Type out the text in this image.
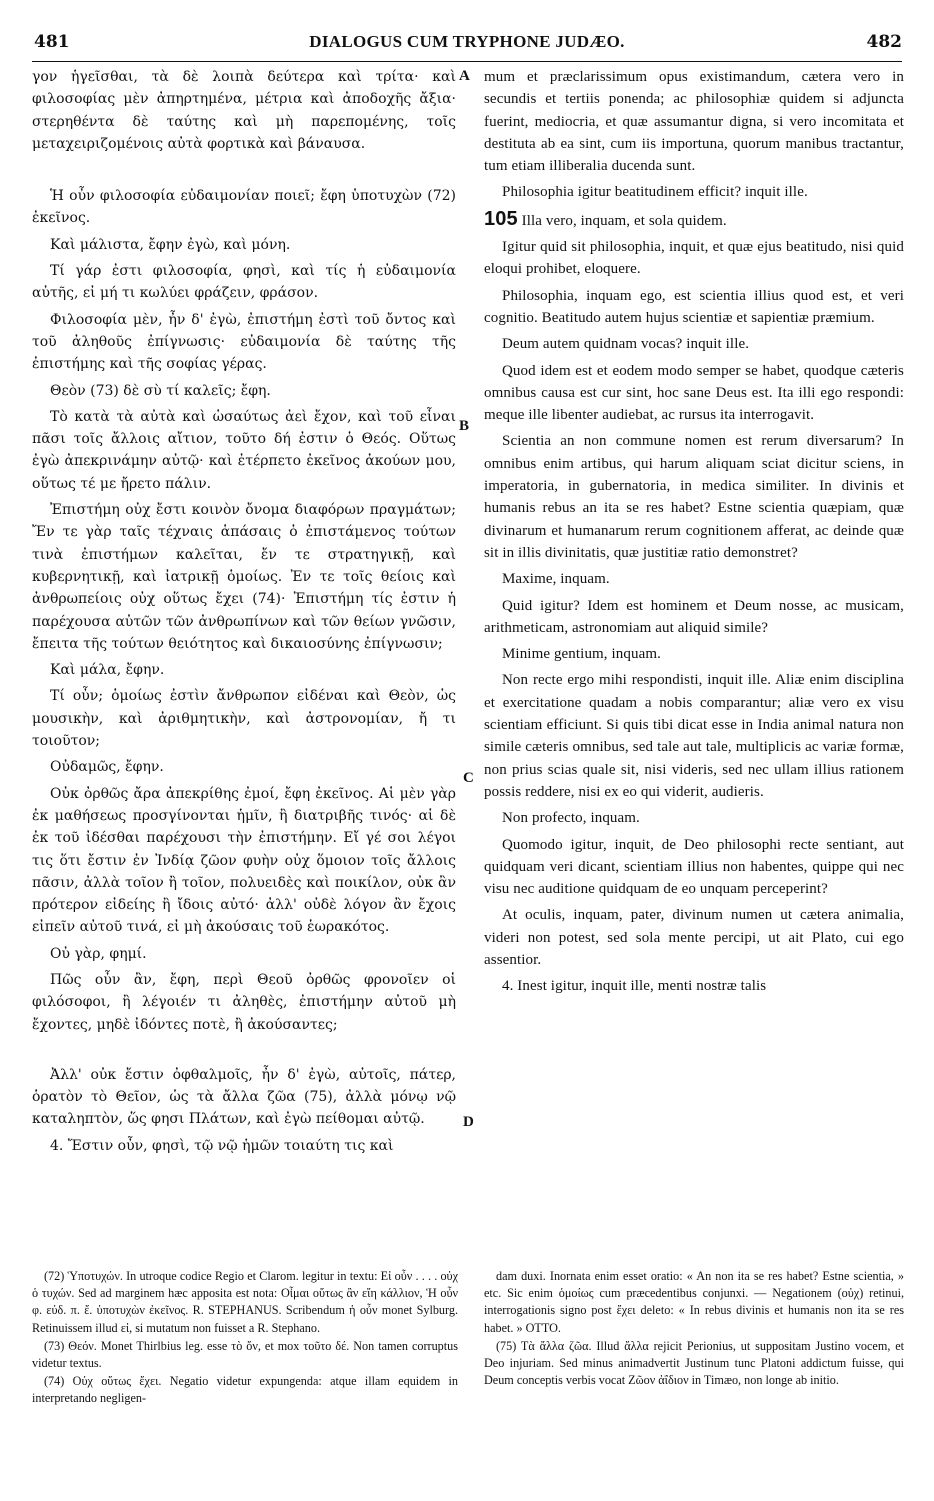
481	DIALOGUS CUM TRYPHONE JUDÆO.	482
γον ἡγεῖσθαι, τὰ δὲ λοιπὰ δεύτερα καὶ τρίτα· καὶ φιλοσοφίας μὲν ἀπηρτημένα, μέτρια καὶ ἀποδοχῆς ἄξια· στερηθέντα δὲ ταύτης καὶ μὴ παρεπομένης, τοῖς μεταχειριζομένοις αὐτὰ φορτικὰ καὶ βάναυσα.
Ἡ οὖν φιλοσοφία εὐδαιμονίαν ποιεῖ; ἔφη ὑποτυχὼν (72) ἐκεῖνος.
Καὶ μάλιστα, ἔφην ἐγὼ, καὶ μόνη.
Τί γάρ ἐστι φιλοσοφία, φησὶ, καὶ τίς ἡ εὐδαιμονία αὐτῆς, εἰ μή τι κωλύει φράζειν, φράσον.
Φιλοσοφία μὲν, ἦν δ' ἐγὼ, ἐπιστήμη ἐστὶ τοῦ ὄντος καὶ τοῦ ἀληθοῦς ἐπίγνωσις· εὐδαιμονία δὲ ταύτης τῆς ἐπιστήμης καὶ τῆς σοφίας γέρας.
Θεὸν (73) δὲ σὺ τί καλεῖς; ἔφη.
Τὸ κατὰ τὰ αὐτὰ καὶ ὡσαύτως ἀεὶ ἔχον, καὶ τοῦ εἶναι πᾶσι τοῖς ἄλλοις αἴτιον, τοῦτο δή ἐστιν ὁ Θεός. Οὕτως ἐγὼ ἀπεκρινάμην αὐτῷ· καὶ ἐτέρπετο ἐκεῖνος ἀκούων μου, οὕτως τέ με ἤρετο πάλιν.
Ἐπιστήμη οὐχ ἔστι κοινὸν ὄνομα διαφόρων πραγμάτων; Ἔν τε γὰρ ταῖς τέχναις ἁπάσαις ὁ ἐπιστάμενος τούτων τινὰ ἐπιστήμων καλεῖται, ἔν τε στρατηγικῇ, καὶ κυβερνητικῇ, καὶ ἰατρικῇ ὁμοίως. Ἐν τε τοῖς θείοις καὶ ἀνθρωπείοις οὐχ οὕτως ἔχει (74)· Ἐπιστήμη τίς ἐστιν ἡ παρέχουσα αὐτῶν τῶν ἀνθρωπίνων καὶ τῶν θείων γνῶσιν, ἔπειτα τῆς τούτων θειότητος καὶ δικαιοσύνης ἐπίγνωσιν;
Καὶ μάλα, ἔφην.
Τί οὖν; ὁμοίως ἐστὶν ἄνθρωπον εἰδέναι καὶ Θεὸν, ὡς μουσικὴν, καὶ ἀριθμητικὴν, καὶ ἀστρονομίαν, ἤ τι τοιοῦτον;
Οὐδαμῶς, ἔφην.
Οὐκ ὀρθῶς ἄρα ἀπεκρίθης ἐμοί, ἔφη ἐκεῖνος. Αἱ μὲν γὰρ ἐκ μαθήσεως προσγίνονται ἡμῖν, ἢ διατριβῆς τινός· αἱ δὲ ἐκ τοῦ ἰδέσθαι παρέχουσι τὴν ἐπιστήμην. Εἴ γέ σοι λέγοι τις ὅτι ἔστιν ἐν Ἰνδίᾳ ζῶον φυὴν οὐχ ὅμοιον τοῖς ἄλλοις πᾶσιν, ἀλλὰ τοῖον ἢ τοῖον, πολυειδὲς καὶ ποικίλον, οὐκ ἂν πρότερον εἰδείης ἢ ἴδοις αὐτό· ἀλλ' οὐδὲ λόγον ἂν ἔχοις εἰπεῖν αὐτοῦ τινά, εἰ μὴ ἀκούσαις τοῦ ἑωρακότος.
Οὐ γὰρ, φημί.
Πῶς οὖν ἂν, ἔφη, περὶ Θεοῦ ὀρθῶς φρονοῖεν οἱ φιλόσοφοι, ἢ λέγοιέν τι ἀληθὲς, ἐπιστήμην αὐτοῦ μὴ ἔχοντες, μηδὲ ἰδόντες ποτὲ, ἢ ἀκούσαντες;
Ἀλλ' οὐκ ἔστιν ὀφθαλμοῖς, ἦν δ' ἐγὼ, αὐτοῖς, πάτερ, ὁρατὸν τὸ Θεῖον, ὡς τὰ ἄλλα ζῶα (75), ἀλλὰ μόνῳ νῷ καταληπτὸν, ὥς φησι Πλάτων, καὶ ἐγὼ πείθομαι αὐτῷ.
4. Ἔστιν οὖν, φησὶ, τῷ νῷ ἡμῶν τοιαύτη τις καὶ
A
B
C
D
mum et præclarissimum opus existimandum, cætera vero in secundis et tertiis ponenda; ac philosophiæ quidem si adjuncta fuerint, mediocria, et quæ assumantur digna, si vero incomitata et destituta ab ea sint, cum iis importuna, quorum manibus tractantur, tum etiam illiberalia ducenda sunt.
Philosophia igitur beatitudinem efficit? inquit ille.
105 Illa vero, inquam, et sola quidem.
Igitur quid sit philosophia, inquit, et quæ ejus beatitudo, nisi quid eloqui prohibet, eloquere.
Philosophia, inquam ego, est scientia illius quod est, et veri cognitio. Beatitudo autem hujus scientiæ et sapientiæ præmium.
Deum autem quidnam vocas? inquit ille.
Quod idem est et eodem modo semper se habet, quodque cæteris omnibus causa est cur sint, hoc sane Deus est. Ita illi ego respondi: meque ille libenter audiebat, ac rursus ita interrogavit.
Scientia an non commune nomen est rerum diversarum? In omnibus enim artibus, qui harum aliquam sciat dicitur sciens, in imperatoria, in gubernatoria, in medica similiter. In divinis et humanis rebus an ita se res habet? Estne scientia quæpiam, quæ divinarum et humanarum rerum cognitionem afferat, ac deinde quæ sit in illis divinitatis, quæ justitiæ ratio demonstret?
Maxime, inquam.
Quid igitur? Idem est hominem et Deum nosse, ac musicam, arithmeticam, astronomiam aut aliquid simile?
Minime gentium, inquam.
Non recte ergo mihi respondisti, inquit ille. Aliæ enim disciplina et exercitatione quadam a nobis comparantur; aliæ vero ex visu scientiam efficiunt. Si quis tibi dicat esse in India animal natura non simile cæteris omnibus, sed tale aut tale, multiplicis ac variæ formæ, non prius scias quale sit, nisi videris, sed nec ullam illius rationem possis reddere, nisi ex eo qui viderit, audieris.
Non profecto, inquam.
Quomodo igitur, inquit, de Deo philosophi recte sentiant, aut quidquam veri dicant, scientiam illius non habentes, quippe qui nec visu nec auditione quidquam de eo unquam perceperint?
At oculis, inquam, pater, divinum numen ut cætera animalia, videri non potest, sed sola mente percipi, ut ait Plato, cui ego assentior.
4. Inest igitur, inquit ille, menti nostræ talis
(72) Ὑποτυχών. In utroque codice Regio et Clarom. legitur in textu: Εἰ οὖν . . . . οὐχ ὁ τυχών. Sed ad marginem hæc apposita est nota: Οἶμαι οὕτως ἂν εἴη κάλλιον, Ἡ οὖν φ. εὐδ. π. ἔ. ὑποτυχὼν ἐκεῖνος. R. STEPHANUS. Scribendum ἡ οὖν monet Sylburg. Retinuissem illud εἰ, si mutatum non fuisset a R. Stephano.
(73) Θεόν. Monet Thirlbius leg. esse τὸ ὄν, et mox τοῦτο δέ. Non tamen corruptus videtur textus.
(74) Οὐχ οὕτως ἔχει. Negatio videtur expungenda: atque illam equidem in interpretando negligen-
dam duxi. Inornata enim esset oratio: « An non ita se res habet? Estne scientia, » etc. Sic enim ὁμοίως cum præcedentibus conjunxi. — Negationem (οὐχ) retinui, interrogationis signo post ἔχει deleto: « In rebus divinis et humanis non ita se res habet. » OTTO.
(75) Τὰ ἄλλα ζῶα. Illud ἄλλα rejicit Perionius, ut suppositam Justino vocem, et Deo injuriam. Sed minus animadvertit Justinum tunc Platoni addictum fuisse, qui Deum conceptis verbis vocat Ζῶον ἀΐδιον in Timæo, non longe ab initio.
